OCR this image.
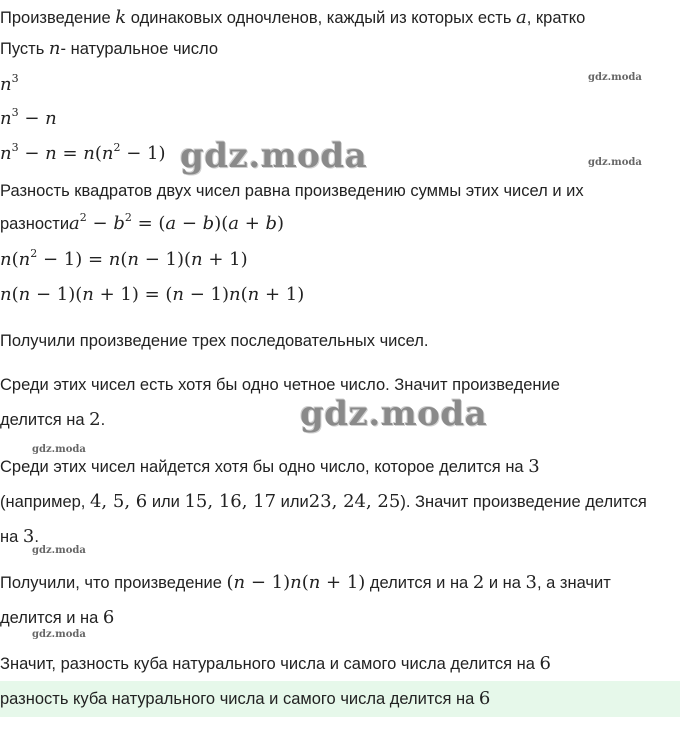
gdz.moda
gdz.moda
gdz.moda
gdz.moda
gdz.moda
gdz.moda
gdz.moda
Произведение k одинаковых одночленов, каждый из которых есть a, кратко
Пусть n- натуральное число
$n^3$
$n^3 - n$
$n^3 - n = n(n^2 - 1)$
Разность квадратов двух чисел равна произведению суммы этих чисел и их
разностиa$^2$ − $b^2 = (a - b)(a + b)$
$n(n^2 - 1) = n(n - 1)(n + 1)$
n(n − 1)(n + 1) = (n − 1)n(n + 1)
Получили произведение трех последовательных чисел.
Среди этих чисел есть хотя бы одно четное число. Значит произведение
делится на 2.
Среди этих чисел найдется хотя бы одно число, которое делится на 3
(например, 4, 5, 6 или 15, 16, 17 или23, 24, 25). Значит произведение делится
на 3.
Получили, что произведение (n − 1)n(n + 1) делится и на 2 и на 3, а значит
делится и на 6
Значит, разность куба натурального числа и самого числа делится на 6
разность куба натурального числа и самого числа делится на 6
